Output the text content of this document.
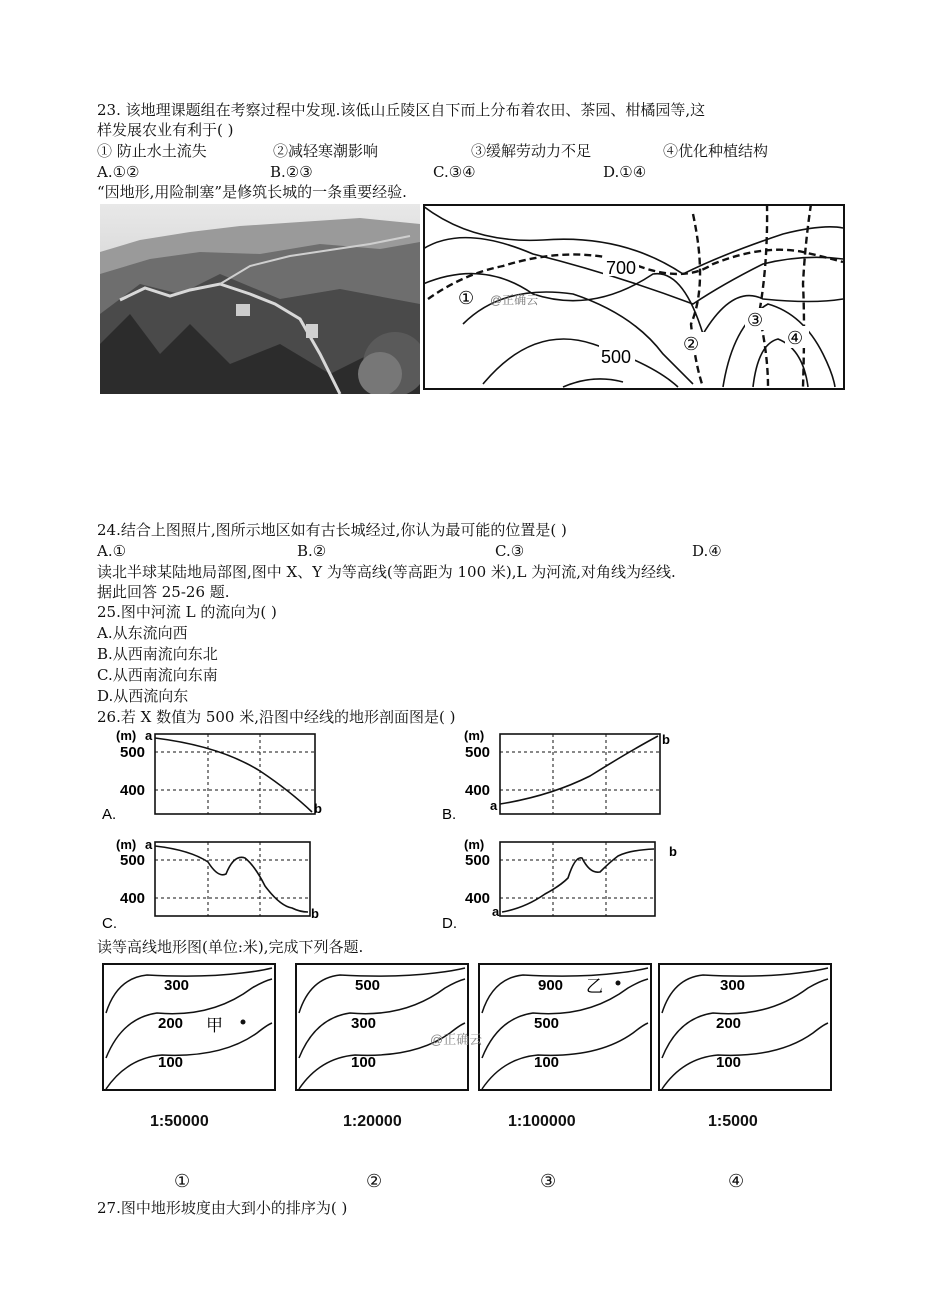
23. 该地理课题组在考察过程中发现.该低山丘陵区自下而上分布着农田、茶园、柑橘园等,这
样发展农业有利于( )
① 防止水土流失	②减轻寒潮影响	③缓解劳动力不足	④优化种植结构
A.①②	B.②③	C.③④	D.①④
“因地形,用险制塞”是修筑长城的一条重要经验.
700
500
①
②
③
④
@正确云
24.结合上图照片,图所示地区如有古长城经过,你认为最可能的位置是( )
A.①	B.②	C.③	D.④
读北半球某陆地局部图,图中 X、Y 为等高线(等高距为 100 米),L 为河流,对角线为经线.
据此回答 25-26 题.
25.图中河流 L 的流向为( )
A.从东流向西
B.从西南流向东北
C.从西南流向东南
D.从西流向东
26.若 X 数值为 500 米,沿图中经线的地形剖面图是( )
(m) a
500
400
b
A.
(m)
500
400
a
b
B.
(m) a
500
400
b
C.
(m)
500
400
a
b
D.
读等高线地形图(单位:米),完成下列各题.
300
200
100
甲
500
300
100
900
500
100
乙	300
200
100
@正确云
1:50000	1:20000	1:100000	1:5000
①	②	③	④
27.图中地形坡度由大到小的排序为( )
